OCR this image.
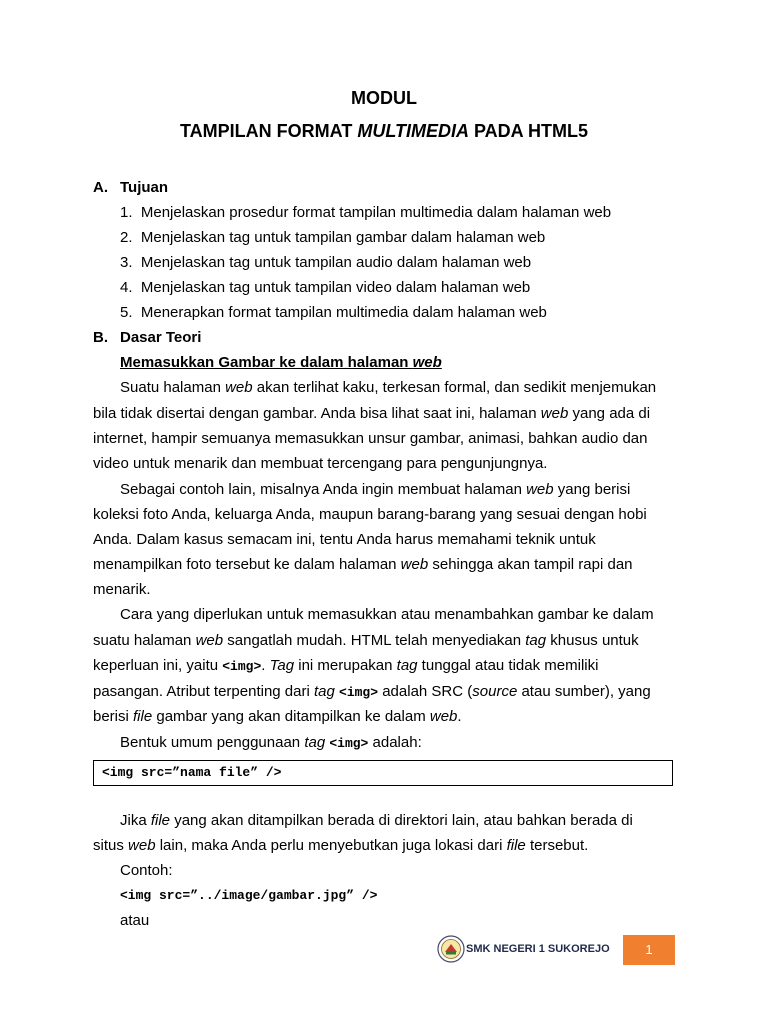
MODUL
TAMPILAN FORMAT MULTIMEDIA PADA HTML5
A. Tujuan
1. Menjelaskan prosedur format tampilan multimedia dalam halaman web
2. Menjelaskan tag untuk tampilan gambar dalam halaman web
3. Menjelaskan tag untuk tampilan audio dalam halaman web
4. Menjelaskan tag untuk tampilan video dalam halaman web
5. Menerapkan format tampilan multimedia dalam halaman web
B. Dasar Teori
Memasukkan Gambar ke dalam halaman web
Suatu halaman web akan terlihat kaku, terkesan formal, dan sedikit menjemukan
bila tidak disertai dengan gambar. Anda bisa lihat saat ini, halaman web yang ada di
internet, hampir semuanya memasukkan unsur gambar, animasi, bahkan audio dan
video untuk menarik dan membuat tercengang para pengunjungnya.
Sebagai contoh lain, misalnya Anda ingin membuat halaman web yang berisi
koleksi foto Anda, keluarga Anda, maupun barang-barang yang sesuai dengan hobi
Anda. Dalam kasus semacam ini, tentu Anda harus memahami teknik untuk
menampilkan foto tersebut ke dalam halaman web sehingga akan tampil rapi dan
menarik.
Cara yang diperlukan untuk memasukkan atau menambahkan gambar ke dalam
suatu halaman web sangatlah mudah. HTML telah menyediakan tag khusus untuk
keperluan ini, yaitu <img>. Tag ini merupakan tag tunggal atau tidak memiliki
pasangan. Atribut terpenting dari tag <img> adalah SRC (source atau sumber), yang
berisi file gambar yang akan ditampilkan ke dalam web.
Bentuk umum penggunaan tag <img> adalah:
<img src=”nama file” />
Jika file yang akan ditampilkan berada di direktori lain, atau bahkan berada di
situs web lain, maka Anda perlu menyebutkan juga lokasi dari file tersebut.
Contoh:
<img src=”../image/gambar.jpg” />
atau
SMK NEGERI 1 SUKOREJO	1
